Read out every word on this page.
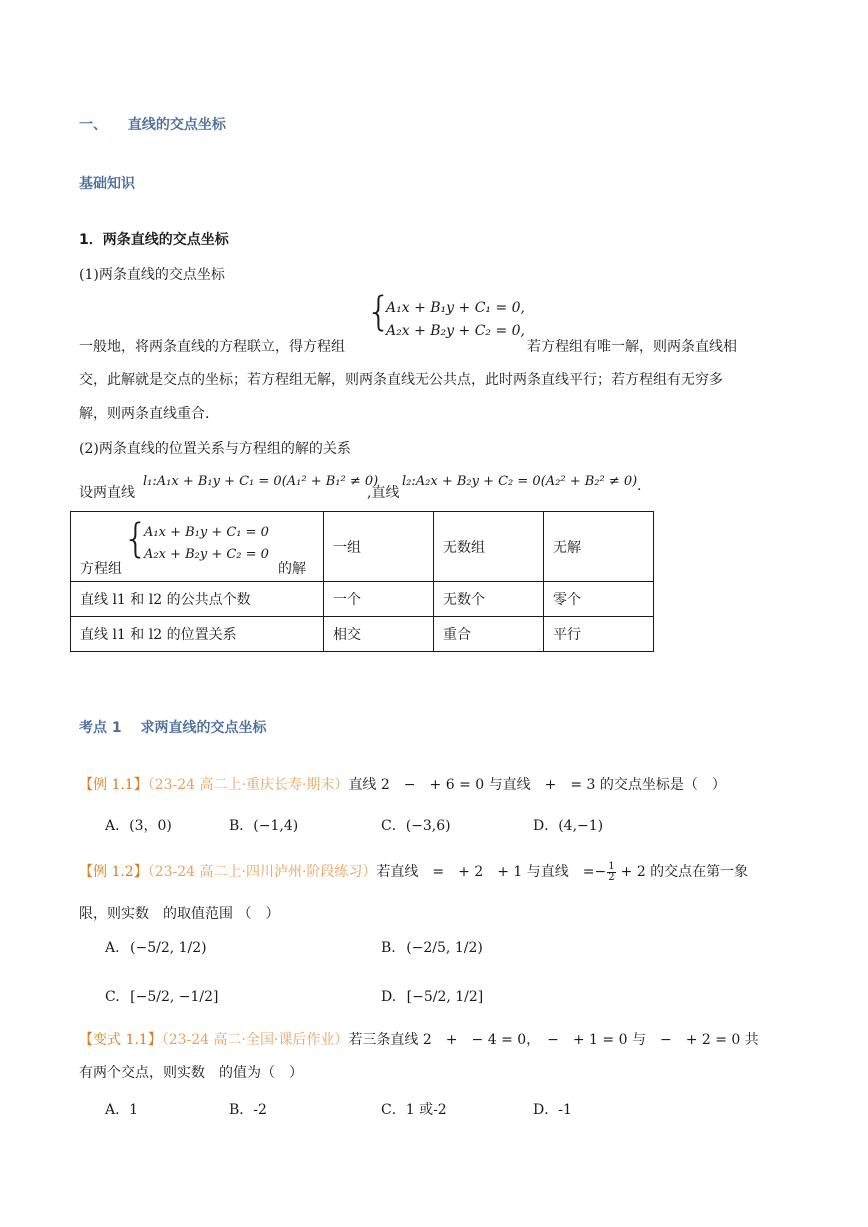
一、 直线的交点坐标
基础知识
1．两条直线的交点坐标
(1)两条直线的交点坐标
{
A₁x + B₁y + C₁ = 0,
A₂x + B₂y + C₂ = 0,
一般地，将两条直线的方程联立，得方程组	若方程组有唯一解，则两条直线相
交，此解就是交点的坐标；若方程组无解，则两条直线无公共点，此时两条直线平行；若方程组有无穷多
解，则两条直线重合.
(2)两条直线的位置关系与方程组的解的关系
设两直线
l₁:A₁x + B₁y + C₁ = 0(A₁² + B₁² ≠ 0)
,直线
l₂:A₂x + B₂y + C₂ = 0(A₂² + B₂² ≠ 0) .
方程组
{
A₁x + B₁y + C₁ = 0
A₂x + B₂y + C₂ = 0
的解	一组	无数组	无解
直线 l1 和 l2 的公共点个数	一个	无数个	零个
直线 l1 和 l2 的位置关系	相交	重合	平行
考点 1 求两直线的交点坐标
【例 1.1】（23-24 高二上·重庆长寿·期末）直线 2　−　+ 6 = 0 与直线　+　= 3 的交点坐标是（　）
A．(3，0)	B．(−1,4)	C．(−3,6)	D．(4,−1)
【例 1.2】（23-24 高二上·四川泸州·阶段练习）若直线　=　+ 2　+ 1 与直线　=− $\frac{1}{2} + 2$ 的交点在第一象
限，则实数　的取值范围 （　）
A. (−5/2, 1/2)	B. (−2/5, 1/2)
C. [−5/2, −1/2]	D. [−5/2, 1/2]
【变式 1.1】（23-24 高二·全国·课后作业）若三条直线 2　+　− 4 = 0，　−　+ 1 = 0 与　−　+ 2 = 0 共
有两个交点，则实数　的值为（　）
A．1	B．-2	C．1 或-2	D．-1
